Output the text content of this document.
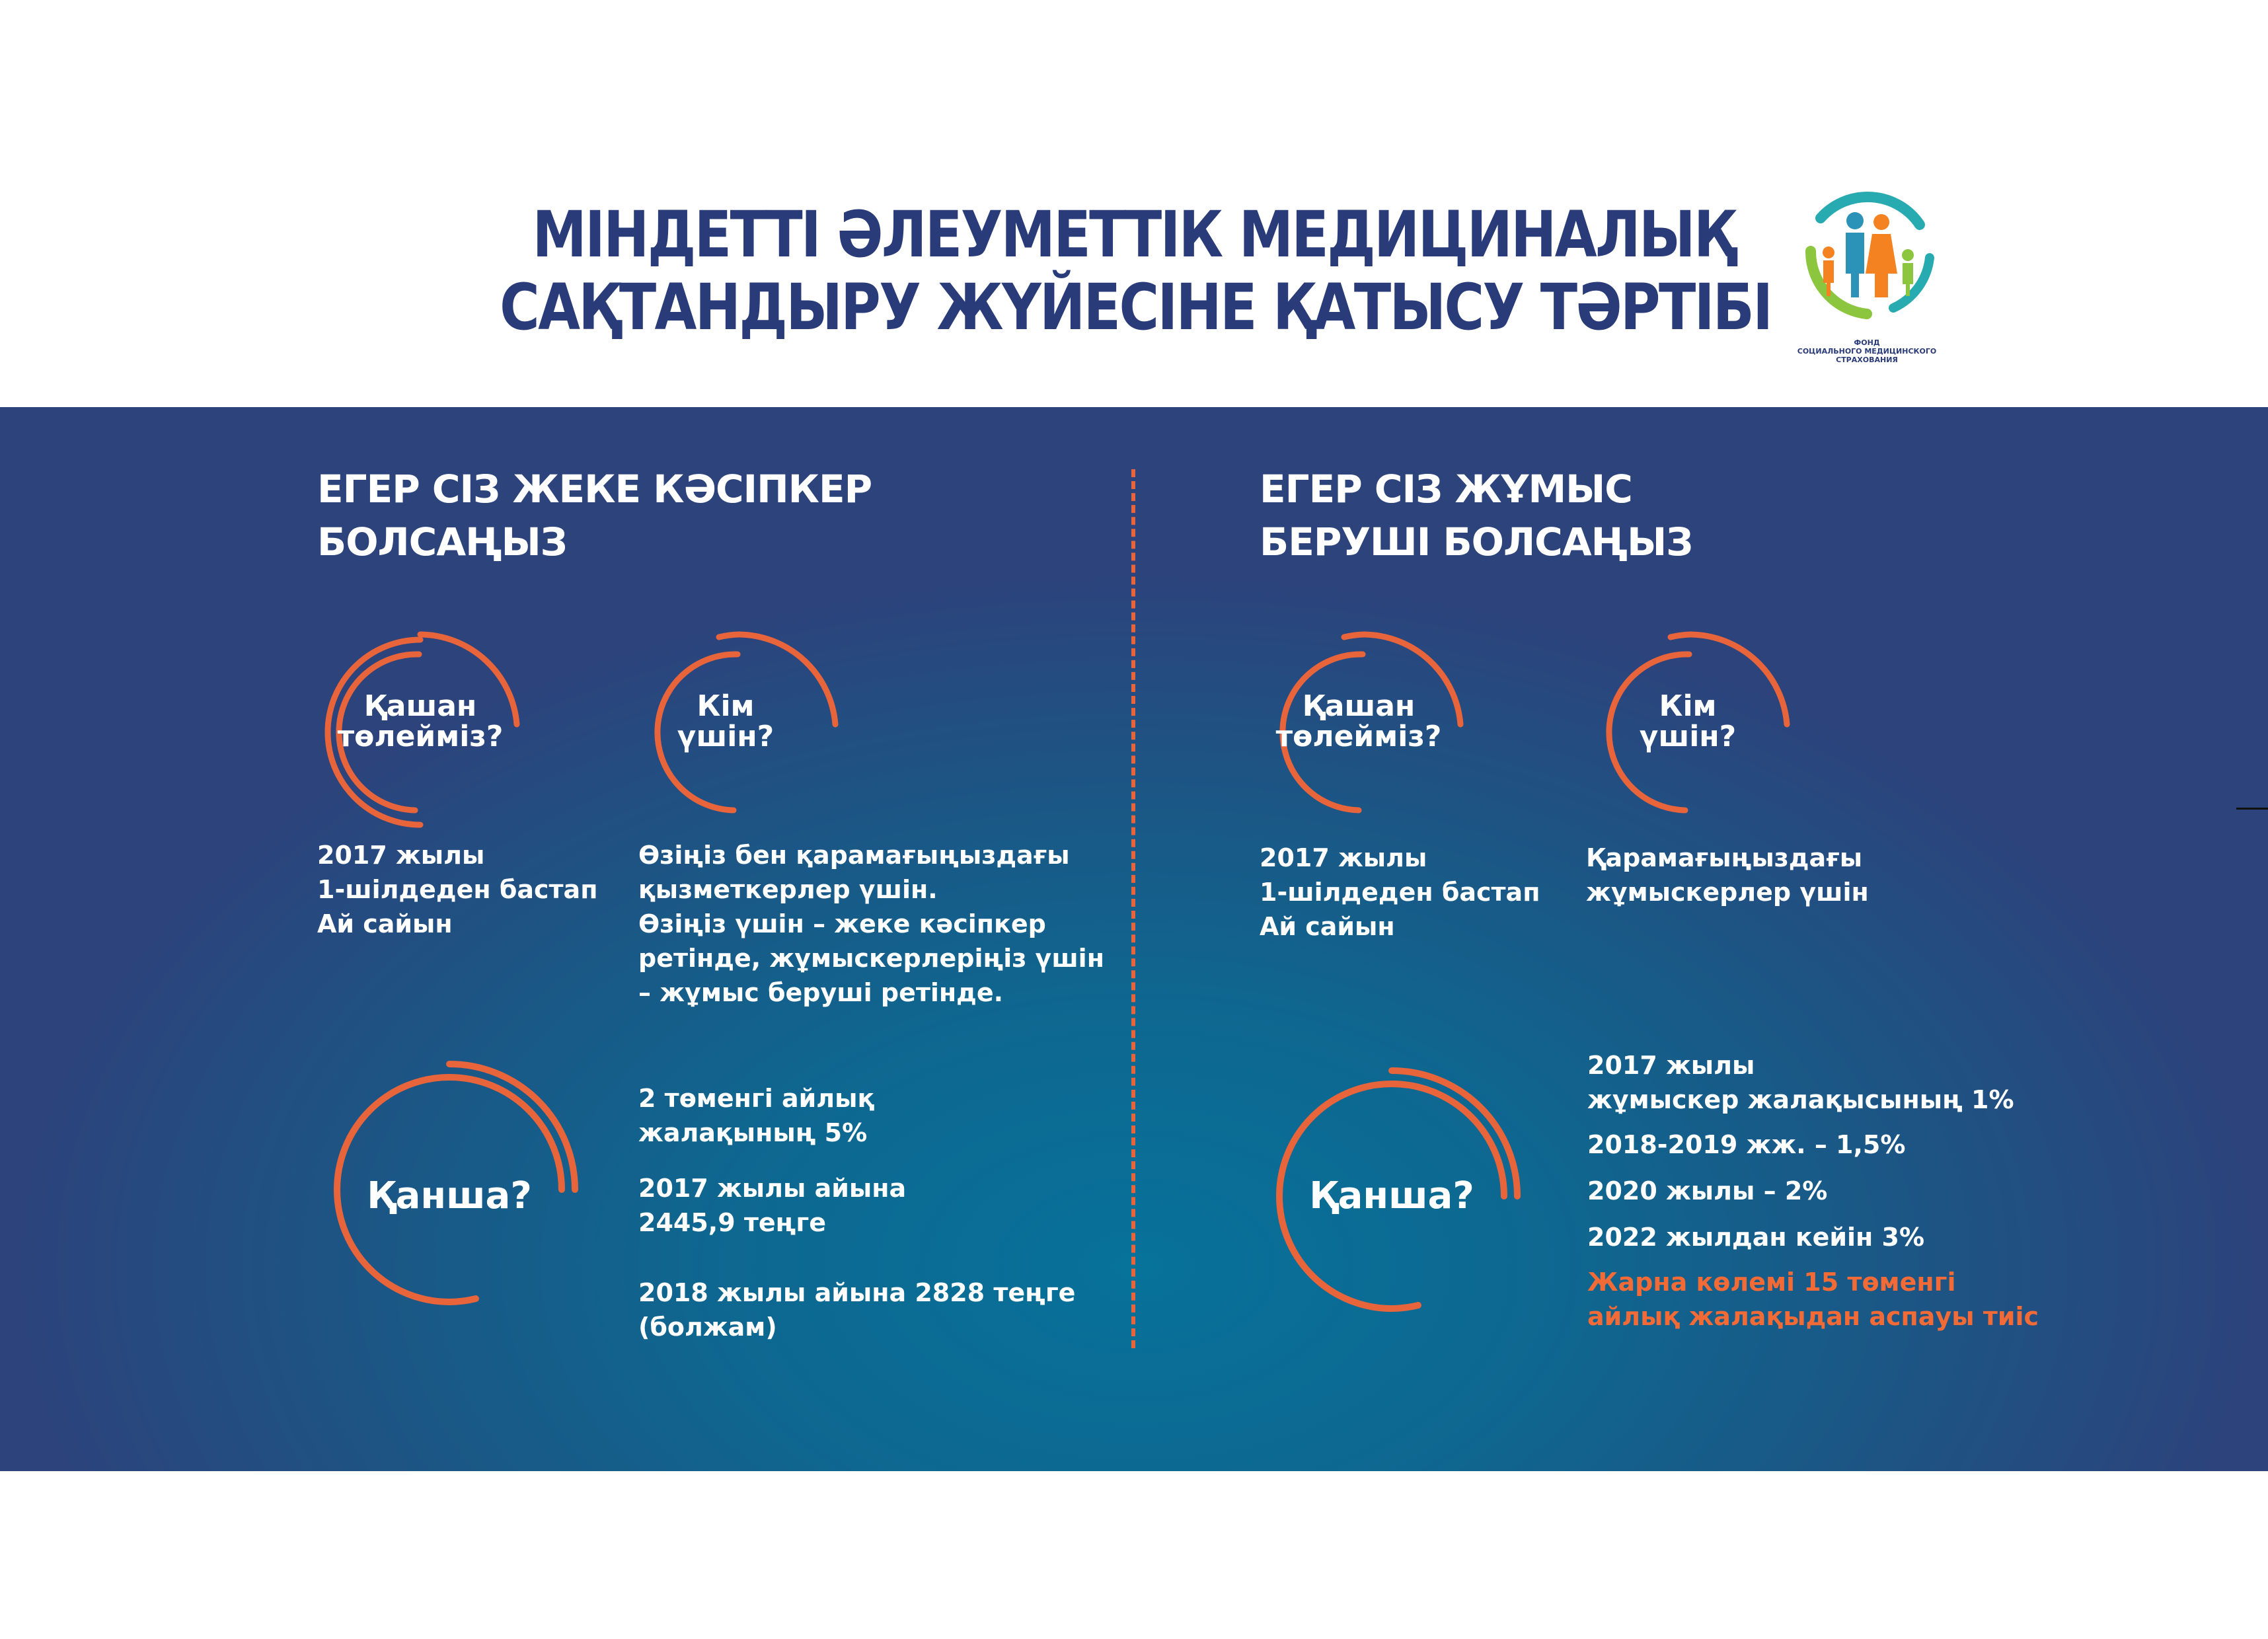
МІНДЕТТІ ӘЛЕУМЕТТІК МЕДИЦИНАЛЫҚ
САҚТАНДЫРУ ЖҮЙЕСІНЕ ҚАТЫСУ ТӘРТІБІ	ФОНД
СОЦИАЛЬНОГО МЕДИЦИНСКОГО
СТРАХОВАНИЯ
ЕГЕР СІЗ ЖЕКЕ КӘСІПКЕР
БОЛСАҢЫЗ
Қашан
төлейміз?

2017 жылы
1-шілдеден бастап
Ай сайын

Кім
үшін?

Өзіңіз бен қарамағыңыздағы
қызметкерлер үшін.
Өзіңіз үшін – жеке кәсіпкер
ретінде, жұмыскерлеріңіз үшін
– жұмыс беруші ретінде.

Қанша?

2 төменгі айлық
жалақының 5%

2017 жылы айына
2445,9 теңге

2018 жылы айына 2828 теңге
(болжам)

ЕГЕР СІЗ ЖҰМЫС
БЕРУШІ БОЛСАҢЫЗ
Қашан
төлейміз?

2017 жылы
1-шілдеден бастап
Ай сайын

Кім
үшін?

Қарамағыңыздағы
жұмыскерлер үшін

Қанша?

2017 жылы
жұмыскер жалақысының 1%

2018-2019 жж. – 1,5%

2020 жылы – 2%

2022 жылдан кейін 3%

Жарна көлемі 15 төменгі
айлық жалақыдан аспауы тиіс
